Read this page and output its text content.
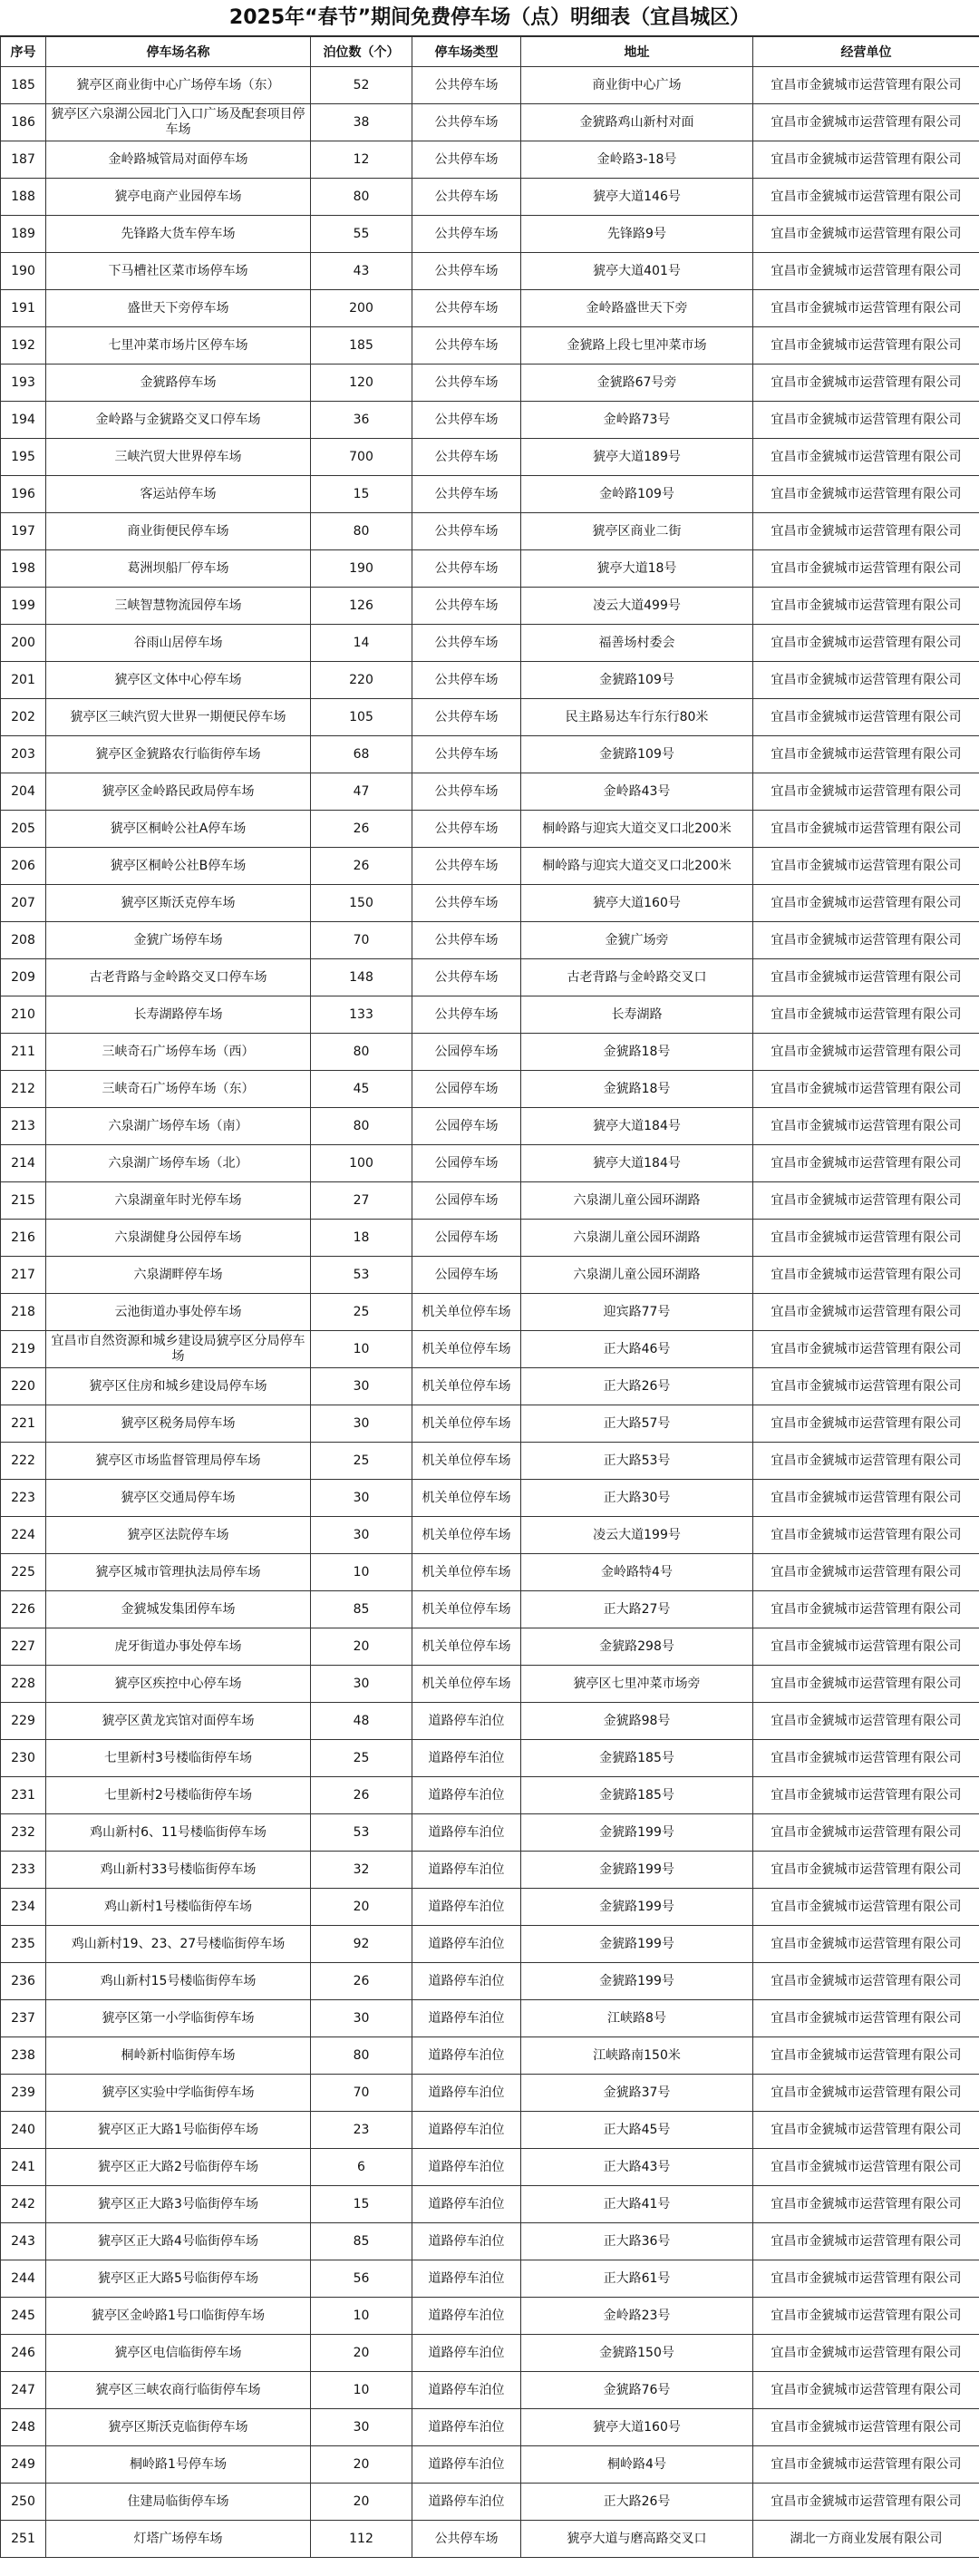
2025年“春节”期间免费停车场（点）明细表（宜昌城区）
序号	停车场名称	泊位数（个）	停车场类型	地址	经营单位
185	猇亭区商业街中心广场停车场（东）	52	公共停车场	商业街中心广场	宜昌市金猇城市运营管理有限公司
186	猇亭区六泉湖公园北门入口广场及配套项目停车场	38	公共停车场	金猇路鸡山新村对面	宜昌市金猇城市运营管理有限公司
187	金岭路城管局对面停车场	12	公共停车场	金岭路3-18号	宜昌市金猇城市运营管理有限公司
188	猇亭电商产业园停车场	80	公共停车场	猇亭大道146号	宜昌市金猇城市运营管理有限公司
189	先锋路大货车停车场	55	公共停车场	先锋路9号	宜昌市金猇城市运营管理有限公司
190	下马槽社区菜市场停车场	43	公共停车场	猇亭大道401号	宜昌市金猇城市运营管理有限公司
191	盛世天下旁停车场	200	公共停车场	金岭路盛世天下旁	宜昌市金猇城市运营管理有限公司
192	七里冲菜市场片区停车场	185	公共停车场	金猇路上段七里冲菜市场	宜昌市金猇城市运营管理有限公司
193	金猇路停车场	120	公共停车场	金猇路67号旁	宜昌市金猇城市运营管理有限公司
194	金岭路与金猇路交叉口停车场	36	公共停车场	金岭路73号	宜昌市金猇城市运营管理有限公司
195	三峡汽贸大世界停车场	700	公共停车场	猇亭大道189号	宜昌市金猇城市运营管理有限公司
196	客运站停车场	15	公共停车场	金岭路109号	宜昌市金猇城市运营管理有限公司
197	商业街便民停车场	80	公共停车场	猇亭区商业二街	宜昌市金猇城市运营管理有限公司
198	葛洲坝船厂停车场	190	公共停车场	猇亭大道18号	宜昌市金猇城市运营管理有限公司
199	三峡智慧物流园停车场	126	公共停车场	凌云大道499号	宜昌市金猇城市运营管理有限公司
200	谷雨山居停车场	14	公共停车场	福善场村委会	宜昌市金猇城市运营管理有限公司
201	猇亭区文体中心停车场	220	公共停车场	金猇路109号	宜昌市金猇城市运营管理有限公司
202	猇亭区三峡汽贸大世界一期便民停车场	105	公共停车场	民主路易达车行东行80米	宜昌市金猇城市运营管理有限公司
203	猇亭区金猇路农行临街停车场	68	公共停车场	金猇路109号	宜昌市金猇城市运营管理有限公司
204	猇亭区金岭路民政局停车场	47	公共停车场	金岭路43号	宜昌市金猇城市运营管理有限公司
205	猇亭区桐岭公社A停车场	26	公共停车场	桐岭路与迎宾大道交叉口北200米	宜昌市金猇城市运营管理有限公司
206	猇亭区桐岭公社B停车场	26	公共停车场	桐岭路与迎宾大道交叉口北200米	宜昌市金猇城市运营管理有限公司
207	猇亭区斯沃克停车场	150	公共停车场	猇亭大道160号	宜昌市金猇城市运营管理有限公司
208	金猇广场停车场	70	公共停车场	金猇广场旁	宜昌市金猇城市运营管理有限公司
209	古老背路与金岭路交叉口停车场	148	公共停车场	古老背路与金岭路交叉口	宜昌市金猇城市运营管理有限公司
210	长寿湖路停车场	133	公共停车场	长寿湖路	宜昌市金猇城市运营管理有限公司
211	三峡奇石广场停车场（西）	80	公园停车场	金猇路18号	宜昌市金猇城市运营管理有限公司
212	三峡奇石广场停车场（东）	45	公园停车场	金猇路18号	宜昌市金猇城市运营管理有限公司
213	六泉湖广场停车场（南）	80	公园停车场	猇亭大道184号	宜昌市金猇城市运营管理有限公司
214	六泉湖广场停车场（北）	100	公园停车场	猇亭大道184号	宜昌市金猇城市运营管理有限公司
215	六泉湖童年时光停车场	27	公园停车场	六泉湖儿童公园环湖路	宜昌市金猇城市运营管理有限公司
216	六泉湖健身公园停车场	18	公园停车场	六泉湖儿童公园环湖路	宜昌市金猇城市运营管理有限公司
217	六泉湖畔停车场	53	公园停车场	六泉湖儿童公园环湖路	宜昌市金猇城市运营管理有限公司
218	云池街道办事处停车场	25	机关单位停车场	迎宾路77号	宜昌市金猇城市运营管理有限公司
219	宜昌市自然资源和城乡建设局猇亭区分局停车场	10	机关单位停车场	正大路46号	宜昌市金猇城市运营管理有限公司
220	猇亭区住房和城乡建设局停车场	30	机关单位停车场	正大路26号	宜昌市金猇城市运营管理有限公司
221	猇亭区税务局停车场	30	机关单位停车场	正大路57号	宜昌市金猇城市运营管理有限公司
222	猇亭区市场监督管理局停车场	25	机关单位停车场	正大路53号	宜昌市金猇城市运营管理有限公司
223	猇亭区交通局停车场	30	机关单位停车场	正大路30号	宜昌市金猇城市运营管理有限公司
224	猇亭区法院停车场	30	机关单位停车场	凌云大道199号	宜昌市金猇城市运营管理有限公司
225	猇亭区城市管理执法局停车场	10	机关单位停车场	金岭路特4号	宜昌市金猇城市运营管理有限公司
226	金猇城发集团停车场	85	机关单位停车场	正大路27号	宜昌市金猇城市运营管理有限公司
227	虎牙街道办事处停车场	20	机关单位停车场	金猇路298号	宜昌市金猇城市运营管理有限公司
228	猇亭区疾控中心停车场	30	机关单位停车场	猇亭区七里冲菜市场旁	宜昌市金猇城市运营管理有限公司
229	猇亭区黄龙宾馆对面停车场	48	道路停车泊位	金猇路98号	宜昌市金猇城市运营管理有限公司
230	七里新村3号楼临街停车场	25	道路停车泊位	金猇路185号	宜昌市金猇城市运营管理有限公司
231	七里新村2号楼临街停车场	26	道路停车泊位	金猇路185号	宜昌市金猇城市运营管理有限公司
232	鸡山新村6、11号楼临街停车场	53	道路停车泊位	金猇路199号	宜昌市金猇城市运营管理有限公司
233	鸡山新村33号楼临街停车场	32	道路停车泊位	金猇路199号	宜昌市金猇城市运营管理有限公司
234	鸡山新村1号楼临街停车场	20	道路停车泊位	金猇路199号	宜昌市金猇城市运营管理有限公司
235	鸡山新村19、23、27号楼临街停车场	92	道路停车泊位	金猇路199号	宜昌市金猇城市运营管理有限公司
236	鸡山新村15号楼临街停车场	26	道路停车泊位	金猇路199号	宜昌市金猇城市运营管理有限公司
237	猇亭区第一小学临街停车场	30	道路停车泊位	江峡路8号	宜昌市金猇城市运营管理有限公司
238	桐岭新村临街停车场	80	道路停车泊位	江峡路南150米	宜昌市金猇城市运营管理有限公司
239	猇亭区实验中学临街停车场	70	道路停车泊位	金猇路37号	宜昌市金猇城市运营管理有限公司
240	猇亭区正大路1号临街停车场	23	道路停车泊位	正大路45号	宜昌市金猇城市运营管理有限公司
241	猇亭区正大路2号临街停车场	6	道路停车泊位	正大路43号	宜昌市金猇城市运营管理有限公司
242	猇亭区正大路3号临街停车场	15	道路停车泊位	正大路41号	宜昌市金猇城市运营管理有限公司
243	猇亭区正大路4号临街停车场	85	道路停车泊位	正大路36号	宜昌市金猇城市运营管理有限公司
244	猇亭区正大路5号临街停车场	56	道路停车泊位	正大路61号	宜昌市金猇城市运营管理有限公司
245	猇亭区金岭路1号口临街停车场	10	道路停车泊位	金岭路23号	宜昌市金猇城市运营管理有限公司
246	猇亭区电信临街停车场	20	道路停车泊位	金猇路150号	宜昌市金猇城市运营管理有限公司
247	猇亭区三峡农商行临街停车场	10	道路停车泊位	金猇路76号	宜昌市金猇城市运营管理有限公司
248	猇亭区斯沃克临街停车场	30	道路停车泊位	猇亭大道160号	宜昌市金猇城市运营管理有限公司
249	桐岭路1号停车场	20	道路停车泊位	桐岭路4号	宜昌市金猇城市运营管理有限公司
250	住建局临街停车场	20	道路停车泊位	正大路26号	宜昌市金猇城市运营管理有限公司
251	灯塔广场停车场	112	公共停车场	猇亭大道与磨高路交叉口	湖北一方商业发展有限公司
